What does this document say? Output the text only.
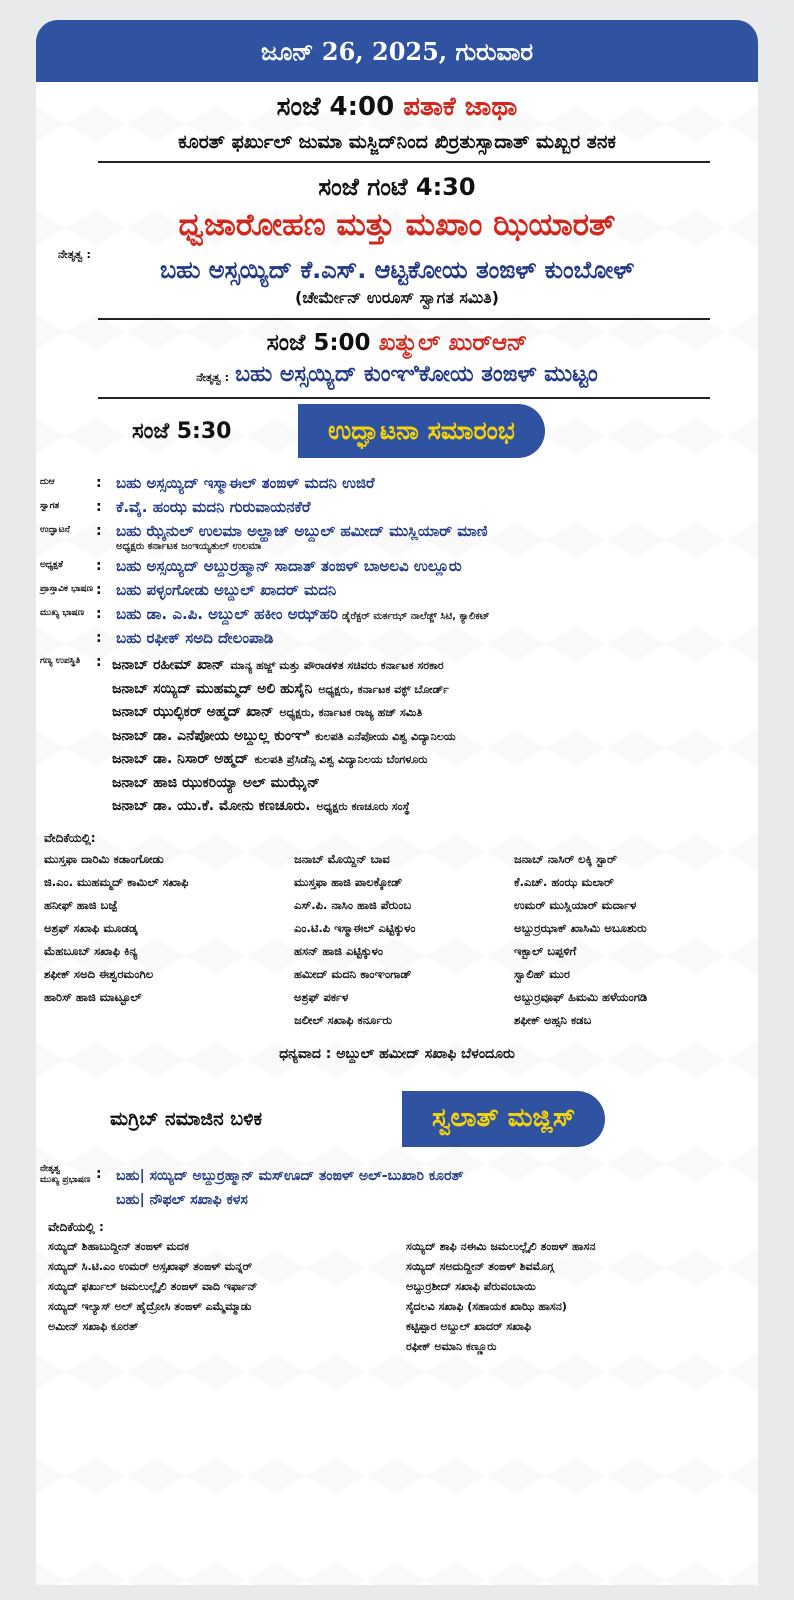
ಜೂನ್ 26, 2025, ಗುರುವಾರ
ಸಂಜೆ 4:00 ಪತಾಕೆ ಜಾಥಾ
ಕೂರತ್ ಫರ್ಖುಲ್ ಜುಮಾ ಮಸ್ಜಿದ್‌ನಿಂದ ಖಿರ್ರತುಸ್ಸಾದಾತ್ ಮಖ್ಬರ ತನಕ
ಸಂಜೆ ಗಂಟೆ 4:30
ಧ್ವಜಾರೋಹಣ ಮತ್ತು ಮಖಾಂ ಝಿಯಾರತ್
ನೇತೃತ್ವ :
ಬಹು ಅಸ್ಸಯ್ಯಿದ್ ಕೆ.ಎಸ್. ಆಟ್ಟಕೋಯ ತಂಙಳ್ ಕುಂಬೋಳ್
(ಚೇರ್ಮೇನ್ ಉರೂಸ್ ಸ್ವಾಗತ ಸಮಿತಿ)
ಸಂಜೆ 5:00 ಖತ್ಮುಲ್ ಖುರ್‌ಆನ್
ನೇತೃತ್ವ : ಬಹು ಅಸ್ಸಯ್ಯಿದ್ ಕುಂಞಿಕೋಯ ತಂಙಳ್ ಮುಟ್ಟಂ
ಸಂಜೆ 5:30	ಉದ್ಘಾಟನಾ ಸಮಾರಂಭ
ದುಆ	: ಬಹು ಅಸ್ಸಯ್ಯಿದ್ ಇಸ್ಮಾಈಲ್ ತಂಙಳ್ ಮದನಿ ಉಜಿರೆ
ಸ್ವಾಗತ	: ಕೆ.ವೈ. ಹಂಝ ಮದನಿ ಗುರುವಾಯನಕೆರೆ
ಉದ್ಘಾಟನೆ	: ಬಹು ಝೈನುಲ್ ಉಲಮಾ ಅಲ್ಹಾಜ್ ಅಬ್ದುಲ್ ಹಮೀದ್ ಮುಸ್ಲಿಯಾರ್ ಮಾಣಿ
ಅಧ್ಯಕ್ಷರು ಕರ್ನಾಟಕ ಜಂಇಯ್ಯತುಲ್ ಉಲಮಾ
ಅಧ್ಯಕ್ಷತೆ	: ಬಹು ಅಸ್ಸಯ್ಯಿದ್ ಅಬ್ದುರ್ರಹ್ಮಾನ್ ಸಾದಾತ್ ತಂಙಳ್ ಬಾಅಲವಿ ಉಲ್ಲೂರು
ಪ್ರಾಸ್ತಾವಿಕ ಭಾಷಣ : ಬಹು ಪಳ್ಳಂಗೋಡು ಅಬ್ದುಲ್ ಖಾದರ್ ಮದನಿ
ಮುಖ್ಯ ಭಾಷಣ : ಬಹು ಡಾ. ಎ.ಪಿ. ಅಬ್ದುಲ್ ಹಕೀಂ ಅಝ್‌ಹರಿ ಡೈರೆಕ್ಟರ್ ಮರ್ಕಝ್ ನಾಲೆಡ್ಜ್ ಸಿಟಿ, ಕ್ಯಾಲಿಕಟ್
: ಬಹು ರಫೀಕ್ ಸಅದಿ ದೇಲಂಪಾಡಿ
ಗಣ್ಯ ಉಪಸ್ಥಿತಿ	: ಜನಾಬ್ ರಹೀಮ್ ಖಾನ್ ಮಾನ್ಯ ಹಜ್ಜ್ ಮತ್ತು ಪೌರಾಡಳಿತ ಸಚಿವರು ಕರ್ನಾಟಕ ಸರಕಾರ
ಜನಾಬ್ ಸಯ್ಯಿದ್ ಮುಹಮ್ಮದ್ ಅಲಿ ಹುಸೈನಿ ಅಧ್ಯಕ್ಷರು, ಕರ್ನಾಟಕ ವಕ್ಫ್ ಬೋರ್ಡ್
ಜನಾಬ್ ಝುಲ್ಫಿಕರ್ ಅಹ್ಮದ್ ಖಾನ್ ಅಧ್ಯಕ್ಷರು, ಕರ್ನಾಟಕ ರಾಜ್ಯ ಹಜ್ ಸಮಿತಿ
ಜನಾಬ್ ಡಾ. ಎನೆಪೋಯ ಅಬ್ದುಲ್ಲ ಕುಂಞಿ ಕುಲಪತಿ ಎನೆಪೋಯ ವಿಶ್ವ ವಿದ್ಯಾನಿಲಯ
ಜನಾಬ್ ಡಾ. ನಿಸಾರ್ ಅಹ್ಮದ್ ಕುಲಪತಿ ಪ್ರೆಸಿಡೆನ್ಸಿ ವಿಶ್ವ ವಿದ್ಯಾನಿಲಯ ಬೆಂಗಳೂರು
ಜನಾಬ್ ಹಾಜಿ ಝುಕರಿಯ್ಯಾ ಅಲ್ ಮುಝೈನ್
ಜನಾಬ್ ಡಾ. ಯು.ಕೆ. ಮೋನು ಕಣಚೂರು. ಅಧ್ಯಕ್ಷರು ಕಣಚೂರು ಸಂಸ್ಥೆ
ವೇದಿಕೆಯಲ್ಲಿ:
ಮುಸ್ತಫಾ ದಾರಿಮಿ ಕಡಾಂಗೋಡು
ಜಿ.ಎಂ. ಮುಹಮ್ಮದ್ ಕಾಮಿಲ್ ಸಖಾಫಿ
ಹನೀಫ್ ಹಾಜಿ ಬಜ್ಪೆ
ಅಶ್ರಫ್ ಸಖಾಫಿ ಮೂಡಡ್ಕ
ಮೆಹಬೂಬ್ ಸಖಾಫಿ ಕಿನ್ಯ
ಶಫೀಕ್ ಸಅದಿ ಈಶ್ವರಮಂಗಿಲ
ಹಾರಿಸ್ ಹಾಜಿ ಮಾಟ್ಟೂಲ್
ಜನಾಬ್ ಮೊಯ್ದಿನ್ ಬಾವ
ಮುಸ್ತಫಾ ಹಾಜಿ ಪಾಲಕ್ಕೋಡ್
ಎಸ್.ಪಿ. ನಾಸಿಂ ಹಾಜಿ ಪೆರುಂಬ
ಎಂ.ಟಿ.ಪಿ ಇಸ್ಮಾಈಲ್ ಎಟ್ಟಿಕ್ಕುಳಂ
ಹಸನ್ ಹಾಜಿ ಎಟ್ಟಿಕ್ಕುಳಂ
ಹಮೀದ್ ಮದನಿ ಕಾಂಞಂಗಾಡ್
ಅಶ್ರಫ್ ಪರ್ಕಳ
ಜಲೀಲ್ ಸಖಾಫಿ ಕರ್ನೂರು
ಜನಾಬ್ ನಾಸಿರ್ ಲಕ್ಕಿ ಸ್ಟಾರ್
ಕೆ.ಎಚ್. ಹಂಝ ಮಲಾರ್
ಉಮರ್ ಮುಸ್ಲಿಯಾರ್ ಮರ್ದಾಳ
ಅಬ್ದುರ್ರಝಾಕ್ ಖಾಸಿಮಿ ಅಬೂಶುರು
ಇಕ್ಬಾಲ್ ಬಪ್ಪಳಿಗೆ
ಸ್ವಾಲಿಹ್ ಮುರ
ಅಬ್ದುರ್ರವೂಫ್ ಹಿಮಮಿ ಹಳೆಯಂಗಡಿ
ಶಫೀಕ್ ಅಹ್ಸನಿ ಕಡಬ
ಧನ್ಯವಾದ : ಅಬ್ದುಲ್ ಹಮೀದ್ ಸಖಾಫಿ ಬೆಳಂದೂರು
ಮಗ್ರಿಬ್ ನಮಾಜಿನ ಬಳಿಕ	ಸ್ವಲಾತ್ ಮಜ್ಲಿಸ್
ನೇತೃತ್ವ
ಮುಖ್ಯ ಪ್ರಭಾಷಣ :	ಬಹು| ಸಯ್ಯಿದ್ ಅಬ್ದುರ್ರಹ್ಮಾನ್ ಮಸ್‌ಊದ್ ತಂಙಳ್ ಅಲ್-ಬುಖಾರಿ ಕೂರತ್
ಬಹು| ನೌಫಲ್ ಸಖಾಫಿ ಕಳಸ
ವೇದಿಕೆಯಲ್ಲಿ :
ಸಯ್ಯಿದ್ ಶಿಹಾಬುದ್ದೀನ್ ತಂಙಳ್ ಮದಕ
ಸಯ್ಯಿದ್ ಸಿ.ಟಿ.ಎಂ ಉಮರ್ ಅಸ್ಸಖಾಫ್ ತಂಙಳ್ ಮನ್ನರ್
ಸಯ್ಯಿದ್ ಫರ್ಖುಲ್ ಜಮಲುಲ್ಲೈಲಿ ತಂಙಳ್ ವಾದಿ ಇರ್ಫಾನ್
ಸಯ್ಯಿದ್ ಇಲ್ಯಾಸ್ ಅಲ್ ಹೈದ್ರೋಸಿ ತಂಙಳ್ ಎಮ್ಮೆಮ್ಮಾಡು
ಅಮೀನ್ ಸಖಾಫಿ ಕೂರತ್
ಸಯ್ಯಿದ್ ಶಾಫಿ ನಈಮಿ ಜಮಲುಲ್ಲೈಲಿ ತಂಙಳ್ ಹಾಸನ
ಸಯ್ಯಿದ್ ಸಅದುದ್ದೀನ್ ತಂಙಳ್ ಶಿವಮೊಗ್ಗ
ಅಬ್ದುರ್ರಶೀದ್ ಸಖಾಫಿ ಪೆರುವಂಬಾಯಿ
ಸೈದಲವಿ ಸಖಾಫಿ (ಸಹಾಯಕ ಖಾಝಿ ಹಾಸನ)
ಕಟ್ಟಿಪ್ಪಾರ ಅಬ್ದುಲ್ ಖಾದರ್ ಸಖಾಫಿ
ರಫೀಕ್ ಅಮಾನಿ ಕಣ್ಣೂರು
